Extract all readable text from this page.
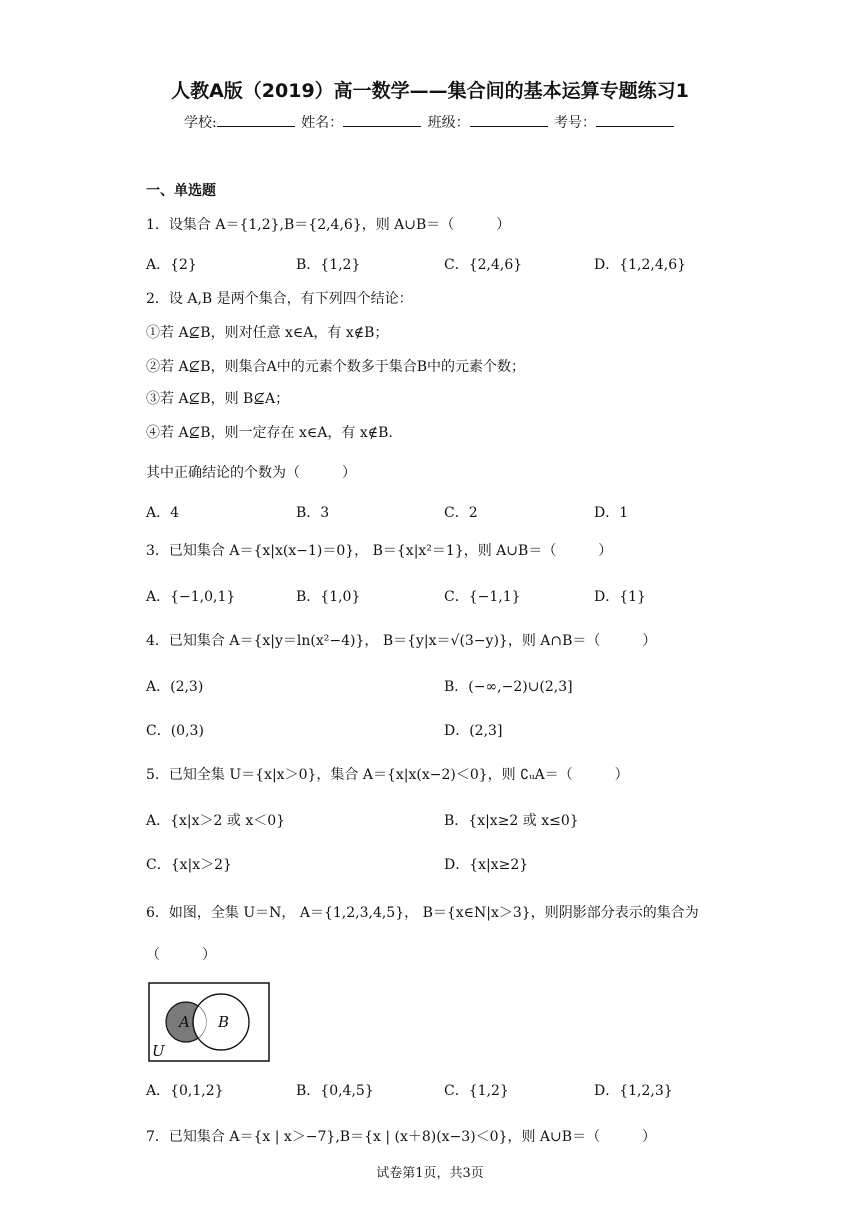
人教A版（2019）高一数学——集合间的基本运算专题练习1
学校:	姓名：	班级：	考号：
一、单选题
1．设集合 A＝{1,2},B＝{2,4,6}，则 A∪B＝（　　　）
A．{2}	B．{1,2}	C．{2,4,6}	D．{1,2,4,6}
2．设 A,B 是两个集合，有下列四个结论：
①若 A⊈B，则对任意 x∈A，有 x∉B；
②若 A⊈B，则集合A中的元素个数多于集合B中的元素个数；
③若 A⊈B，则 B⊈A；
④若 A⊈B，则一定存在 x∈A，有 x∉B.
其中正确结论的个数为（　　　）
A．4	B．3	C．2	D．1
3．已知集合 A＝{x|x(x−1)＝0}， B＝{x|x²＝1}，则 A∪B＝（　　　）
A．{−1,0,1}	B．{1,0}	C．{−1,1}	D．{1}
4．已知集合 A＝{x|y＝ln(x²−4)}， B＝{y|x＝√(3−y)}，则 A∩B＝（　　　）
A．(2,3)	B．(−∞,−2)∪(2,3]
C．(0,3)	D．(2,3]
5．已知全集 U＝{x|x＞0}，集合 A＝{x|x(x−2)＜0}，则 ∁ᵤA＝（　　　）
A．{x|x＞2 或 x＜0}	B．{x|x≥2 或 x≤0}
C．{x|x＞2}	D．{x|x≥2}
6．如图，全集 U＝N， A＝{1,2,3,4,5}， B＝{x∈N|x＞3}，则阴影部分表示的集合为
（　　　）
A B
U
A．{0,1,2}	B．{0,4,5}	C．{1,2}	D．{1,2,3}
7．已知集合 A＝{x | x＞−7},B＝{x | (x＋8)(x−3)＜0}，则 A∪B＝（　　　）
试卷第1页，共3页
